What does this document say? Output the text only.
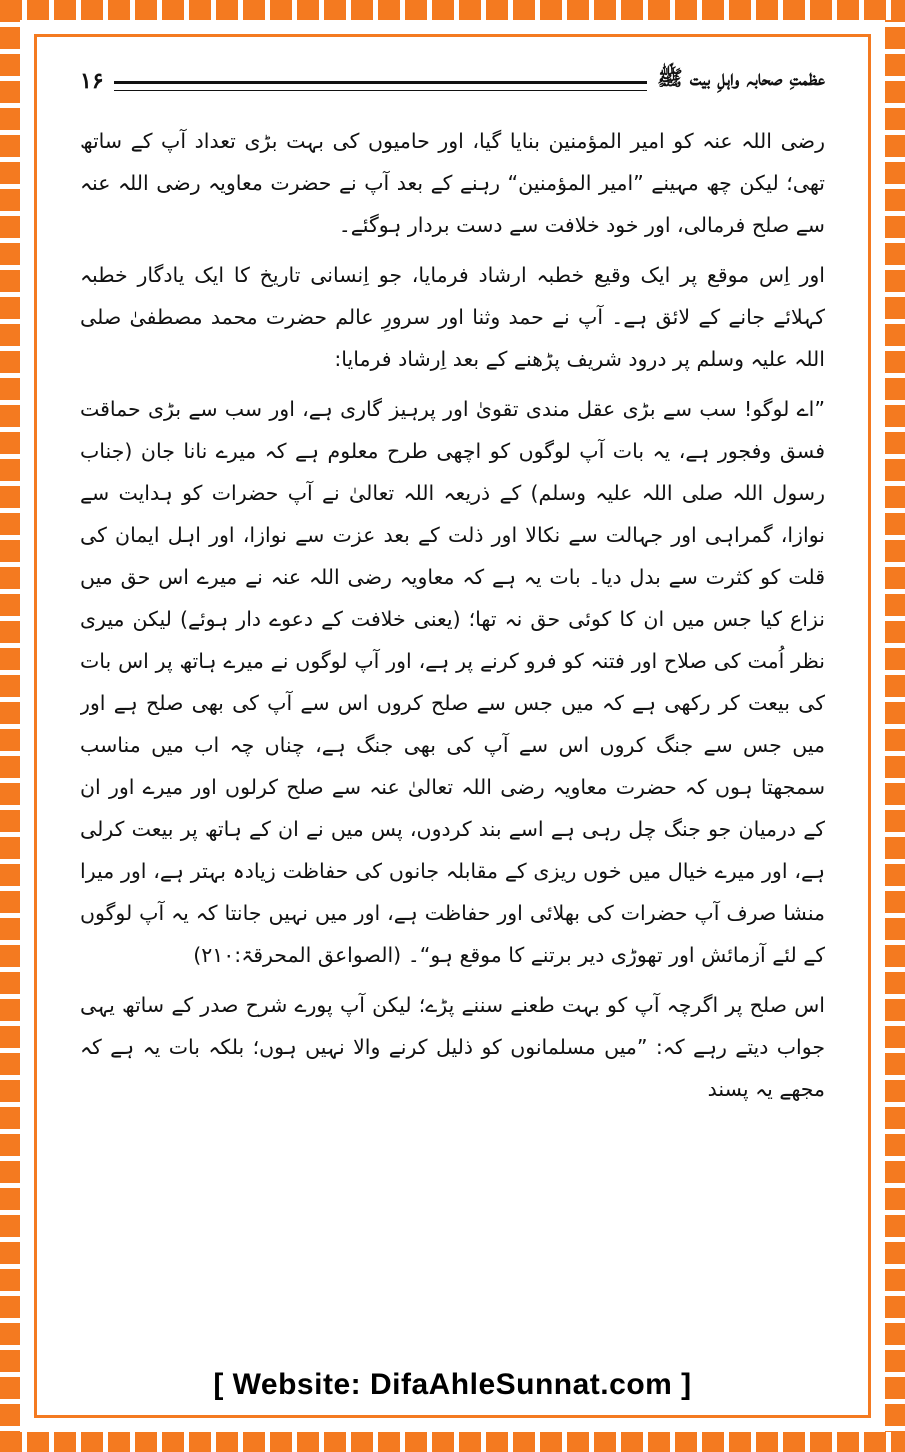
۱۶	عظمتِ صحابہ واہلِ بیت ﷺ

رضی اللہ عنہ کو امیر المؤمنین بنایا گیا، اور حامیوں کی بہت بڑی تعداد آپ کے ساتھ تھی؛ لیکن چھ مہینے ”امیر المؤمنین“ رہنے کے بعد آپ نے حضرت معاویہ رضی اللہ عنہ سے صلح فرمالی، اور خود خلافت سے دست بردار ہوگئے۔

اور اِس موقع پر ایک وقیع خطبہ ارشاد فرمایا، جو اِنسانی تاریخ کا ایک یادگار خطبہ کہلائے جانے کے لائق ہے۔ آپ نے حمد وثنا اور سرورِ عالم حضرت محمد مصطفیٰ صلی اللہ علیہ وسلم پر درود شریف پڑھنے کے بعد اِرشاد فرمایا:

”اے لوگو! سب سے بڑی عقل مندی تقویٰ اور پرہیز گاری ہے، اور سب سے بڑی حماقت فسق وفجور ہے، یہ بات آپ لوگوں کو اچھی طرح معلوم ہے کہ میرے نانا جان (جناب رسول اللہ صلی اللہ علیہ وسلم) کے ذریعہ اللہ تعالیٰ نے آپ حضرات کو ہدایت سے نوازا، گمراہی اور جہالت سے نکالا اور ذلت کے بعد عزت سے نوازا، اور اہل ایمان کی قلت کو کثرت سے بدل دیا۔ بات یہ ہے کہ معاویہ رضی اللہ عنہ نے میرے اس حق میں نزاع کیا جس میں ان کا کوئی حق نہ تھا؛ (یعنی خلافت کے دعوے دار ہوئے) لیکن میری نظر اُمت کی صلاح اور فتنہ کو فرو کرنے پر ہے، اور آپ لوگوں نے میرے ہاتھ پر اس بات کی بیعت کر رکھی ہے کہ میں جس سے صلح کروں اس سے آپ کی بھی صلح ہے اور میں جس سے جنگ کروں اس سے آپ کی بھی جنگ ہے، چناں چہ اب میں مناسب سمجھتا ہوں کہ حضرت معاویہ رضی اللہ تعالیٰ عنہ سے صلح کرلوں اور میرے اور ان کے درمیان جو جنگ چل رہی ہے اسے بند کردوں، پس میں نے ان کے ہاتھ پر بیعت کرلی ہے، اور میرے خیال میں خوں ریزی کے مقابلہ جانوں کی حفاظت زیادہ بہتر ہے، اور میرا منشا صرف آپ حضرات کی بھلائی اور حفاظت ہے، اور میں نہیں جانتا کہ یہ آپ لوگوں کے لئے آزمائش اور تھوڑی دیر برتنے کا موقع ہو“۔ (الصواعق المحرقۃ:۲۱۰)

اس صلح پر اگرچہ آپ کو بہت طعنے سننے پڑے؛ لیکن آپ پورے شرح صدر کے ساتھ یہی جواب دیتے رہے کہ: ”میں مسلمانوں کو ذلیل کرنے والا نہیں ہوں؛ بلکہ بات یہ ہے کہ مجھے یہ پسند

[ Website: DifaAhleSunnat.com ]
